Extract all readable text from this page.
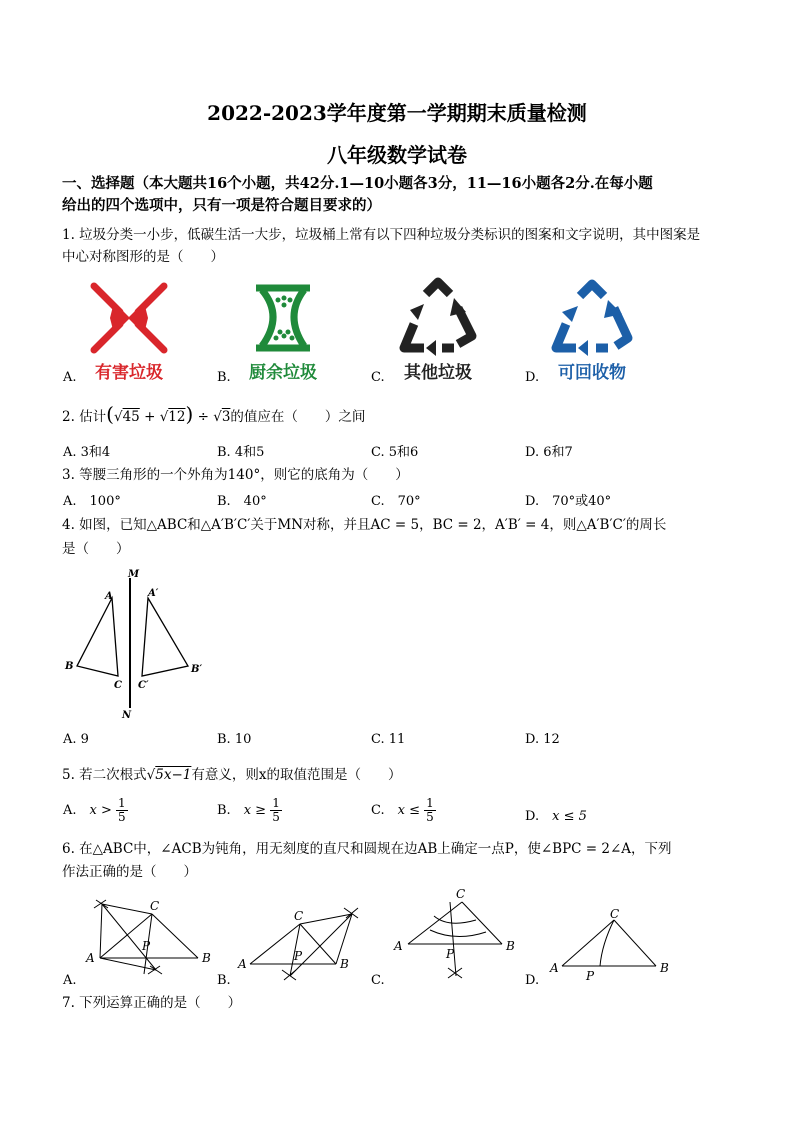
2022-2023学年度第一学期期末质量检测
八年级数学试卷
一、选择题（本大题共16个小题，共42分.1—10小题各3分，11—16小题各2分.在每小题
给出的四个选项中，只有一项是符合题目要求的）
1. 垃圾分类一小步，低碳生活一大步，垃圾桶上常有以下四种垃圾分类标识的图案和文字说明，其中图案是
中心对称图形的是（　　）
A.	B.	C.	D.
有害垃圾	厨余垃圾	其他垃圾	可回收物
2. 估计(√45 + √12) ÷ √3的值应在（　　）之间
A. 3和4	B. 4和5	C. 5和6	D. 6和7
3. 等腰三角形的一个外角为140°，则它的底角为（　　）
A.　100°	B.　40°	C.　70°	D.　70°或40°
4. 如图，已知△ABC和△A′B′C′关于MN对称，并且AC = 5，BC = 2，A′B′ = 4，则△A′B′C′的周长
是（　　）
M
N
A
B
C
A′
B′
C′
A. 9	B. 10	C. 11	D. 12
5. 若二次根式√5x−1有意义，则x的取值范围是（　　）
A.　 $x > \frac{1}{5}$	B.　 $x \ge \frac{1}{5}$	C.　 $x \le \frac{1}{5}$	D.　 x ≤ 5
6. 在△ABC中，∠ACB为钝角，用无刻度的直尺和圆规在边AB上确定一点P，使∠BPC = 2∠A，下列
作法正确的是（　　）
A	B
C
P
A.
A	B
C
P
B.
A	B
C
P
C.
A	B
C
P
D.
7. 下列运算正确的是（　　）
